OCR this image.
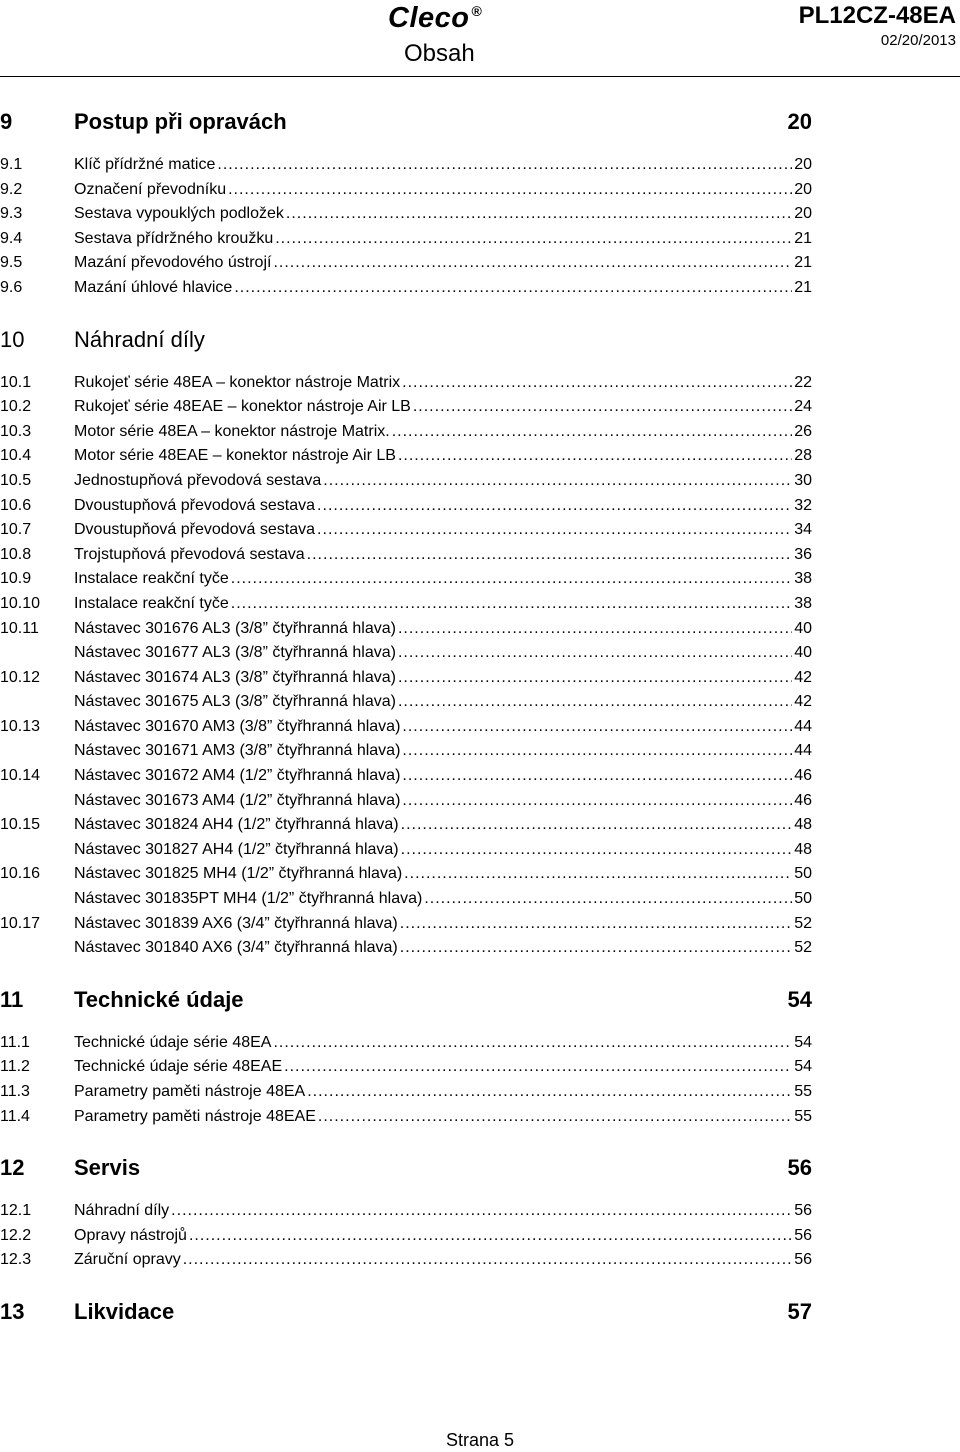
Cleco ®
Obsah
PL12CZ-48EA
02/20/2013
9	Postup při opravách	20
9.1	Klíč přídržné matice .....	20
9.2	Označení převodníku .....	20
9.3	Sestava vypouklých podložek .....	20
9.4	Sestava přídržného kroužku .....	21
9.5	Mazání převodového ústrojí .....	21
9.6	Mazání úhlové hlavice .....	21
10 Náhradní díly
10.1	Rukojeť série 48EA – konektor nástroje Matrix .....	22
10.2	Rukojeť série 48EAE – konektor nástroje Air LB .....	24
10.3	Motor série 48EA – konektor nástroje Matrix. .....	26
10.4	Motor série 48EAE – konektor nástroje Air LB .....	28
10.5	Jednostupňová převodová sestava .....	30
10.6	Dvoustupňová převodová sestava .....	32
10.7	Dvoustupňová převodová sestava .....	34
10.8	Trojstupňová převodová sestava .....	36
10.9	Instalace reakční tyče .....	38
10.10 Instalace reakční tyče .....	38
10.11 Nástavec 301676 AL3 (3/8” čtyřhranná hlava) .....	40
Nástavec 301677 AL3 (3/8” čtyřhranná hlava) .....	40
10.12 Nástavec 301674 AL3 (3/8” čtyřhranná hlava) .....	42
Nástavec 301675 AL3 (3/8” čtyřhranná hlava) .....	42
10.13 Nástavec 301670 AM3 (3/8” čtyřhranná hlava) .....	44
Nástavec 301671 AM3 (3/8” čtyřhranná hlava) .....	44
10.14 Nástavec 301672 AM4 (1/2” čtyřhranná hlava) .....	46
Nástavec 301673 AM4 (1/2” čtyřhranná hlava) .....	46
10.15 Nástavec 301824 AH4 (1/2” čtyřhranná hlava) .....	48
Nástavec 301827 AH4 (1/2” čtyřhranná hlava) .....	48
10.16 Nástavec 301825 MH4 (1/2” čtyřhranná hlava) .....	50
Nástavec 301835PT MH4 (1/2” čtyřhranná hlava) .....	50
10.17 Nástavec 301839 AX6 (3/4” čtyřhranná hlava) .....	52
Nástavec 301840 AX6 (3/4” čtyřhranná hlava) .....	52
11 Technické údaje	54
11.1	Technické údaje série 48EA .....	54
11.2	Technické údaje série 48EAE .....	54
11.3	Parametry paměti nástroje 48EA .....	55
11.4	Parametry paměti nástroje 48EAE .....	55
12 Servis	56
12.1	Náhradní díly .....	56
12.2	Opravy nástrojů .....	56
12.3	Záruční opravy .....	56
13 Likvidace	57
Strana 5
